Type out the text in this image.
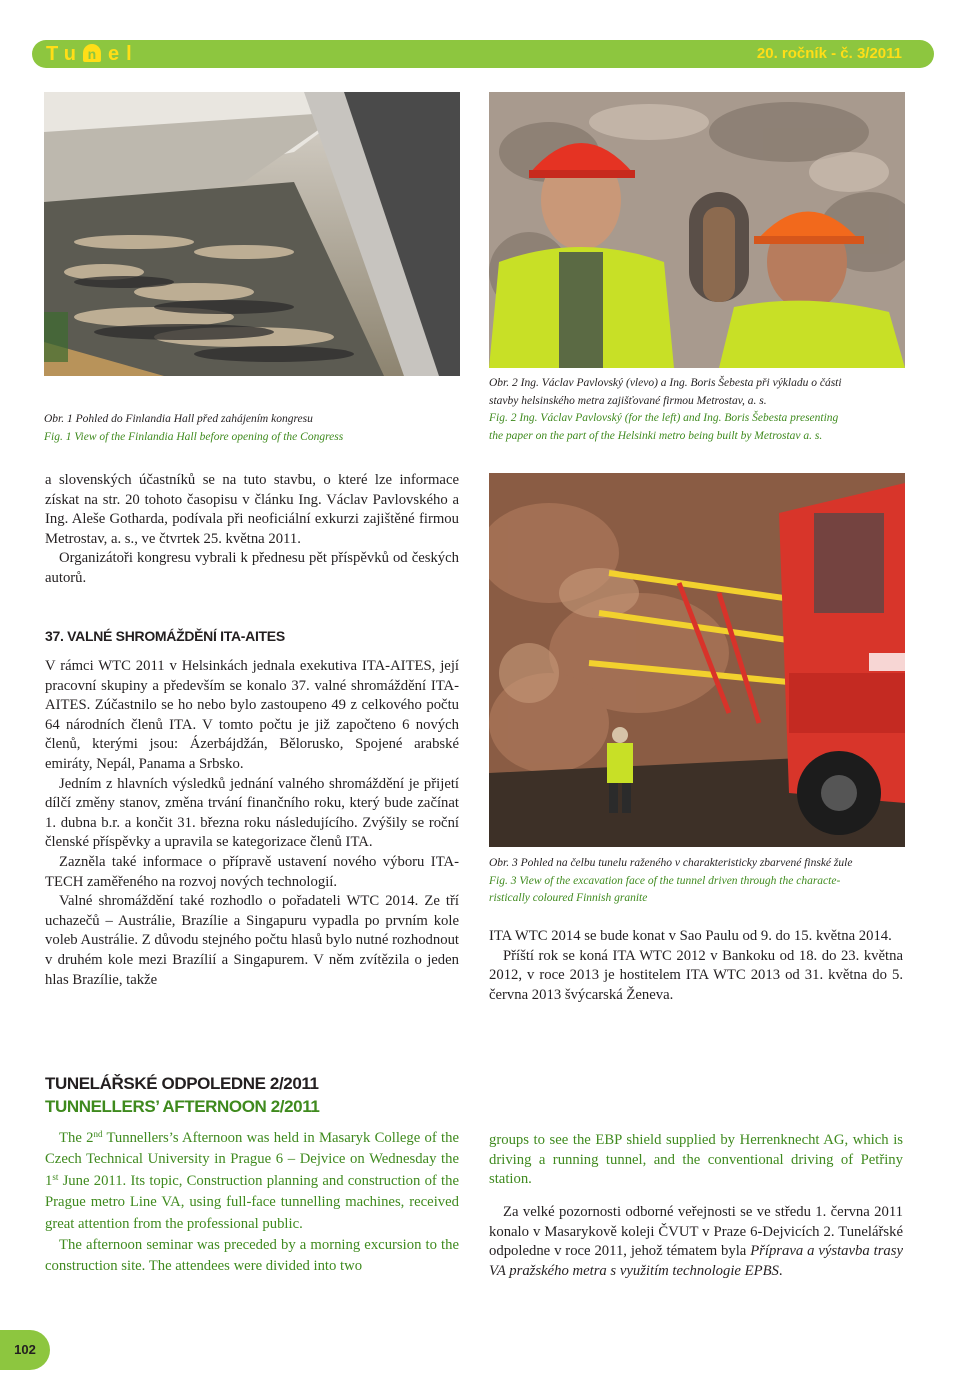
Tu n el	20. ročník - č. 3/2011
Obr. 1 Pohled do Finlandia Hall před zahájením kongresu
Fig. 1 View of the Finlandia Hall before opening of the Congress
Obr. 2 Ing. Václav Pavlovský (vlevo) a Ing. Boris Šebesta při výkladu o části
stavby helsinského metra zajišťované firmou Metrostav, a. s.
Fig. 2 Ing. Václav Pavlovský (for the left) and Ing. Boris Šebesta presenting
the paper on the part of the Helsinki metro being built by Metrostav a. s.

a slovenských účastníků se na tuto stavbu, o které lze informace získat na str. 20 tohoto časopisu v článku Ing. Václav Pavlovského a Ing. Aleše Gotharda, podívala při neoficiální exkurzi zajištěné firmou Metrostav, a. s., ve čtvrtek 25. května 2011.

Organizátoři kongresu vybrali k přednesu pět příspěvků od českých autorů.

37. VALNÉ SHROMÁŽDĚNÍ ITA-AITES

V rámci WTC 2011 v Helsinkách jednala exekutiva ITA-AITES, její pracovní skupiny a především se konalo 37. valné shromáždění ITA-AITES. Zúčastnilo se ho nebo bylo zastoupeno 49 z celkového počtu 64 národních členů ITA. V tomto počtu je již započteno 6 nových členů, kterými jsou: Ázerbájdžán, Bělorusko, Spojené arabské emiráty, Nepál, Panama a Srbsko.

Jedním z hlavních výsledků jednání valného shromáždění je přijetí dílčí změny stanov, změna trvání finančního roku, který bude začínat 1. dubna b.r. a končit 31. března roku následujícího. Zvýšily se roční členské příspěvky a upravila se kategorizace členů ITA.

Zazněla také informace o přípravě ustavení nového výboru ITA-TECH zaměřeného na rozvoj nových technologií.

Valné shromáždění také rozhodlo o pořadateli WTC 2014. Ze tří uchazečů – Austrálie, Brazílie a Singapuru vypadla po prvním kole voleb Austrálie. Z důvodu stejného počtu hlasů bylo nutné rozhodnout v druhém kole mezi Brazílií a Singapurem. V něm zvítězila o jeden hlas Brazílie, takže

Obr. 3 Pohled na čelbu tunelu raženého v charakteristicky zbarvené finské žule
Fig. 3 View of the excavation face of the tunnel driven through the characte-
ristically coloured Finnish granite

ITA WTC 2014 se bude konat v Sao Paulu od 9. do 15. května 2014.

Příští rok se koná ITA WTC 2012 v Bankoku od 18. do 23. května 2012, v roce 2013 je hostitelem ITA WTC 2013 od 31. května do 5. června 2013 švýcarská Ženeva.

TUNELÁŘSKÉ ODPOLEDNE 2/2011
TUNNELLERS’ AFTERNOON 2/2011

The 2nd Tunnellers’s Afternoon was held in Masaryk College of the Czech Technical University in Prague 6 – Dejvice on Wednesday the 1st June 2011. Its topic, Construction planning and construction of the Prague metro Line VA, using full-face tunnelling machines, received great attention from the professional public.

The afternoon seminar was preceded by a morning excursion to the construction site. The attendees were divided into two

groups to see the EBP shield supplied by Herrenknecht AG, which is driving a running tunnel, and the conventional driving of Petřiny station.

Za velké pozornosti odborné veřejnosti se ve středu 1. června 2011 konalo v Masarykově koleji ČVUT v Praze 6-Dejvicích 2. Tunelářské odpoledne v roce 2011, jehož tématem byla Příprava a výstavba trasy VA pražského metra s využitím technologie EPBS.

102
